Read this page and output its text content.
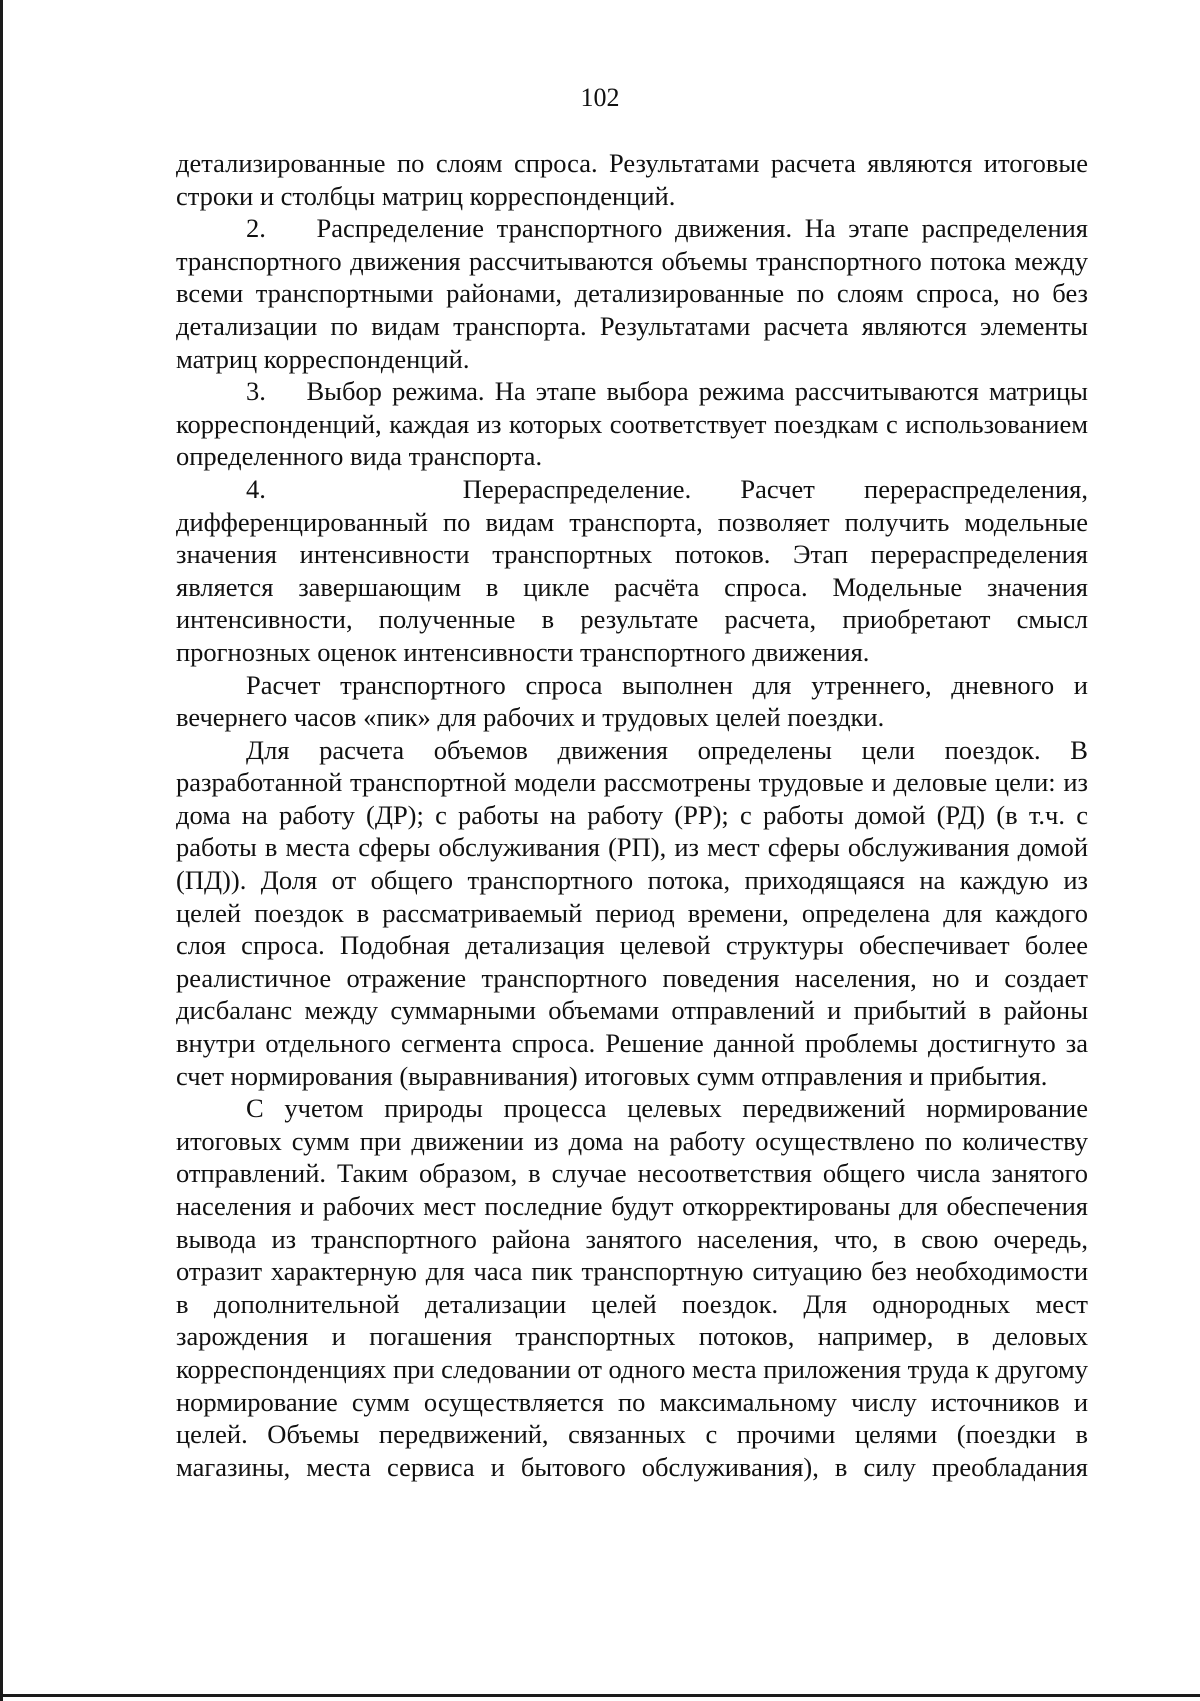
102

детализированные по слоям спроса. Результатами расчета являются итоговые строки и столбцы матриц корреспонденций.

2.    Распределение транспортного движения. На этапе распределения транспортного движения рассчитываются объемы транспортного потока между всеми транспортными районами, детализированные по слоям спроса, но без детализации по видам транспорта. Результатами расчета являются элементы матриц корреспонденций.

3.    Выбор режима. На этапе выбора режима рассчитываются матрицы корреспонденций, каждая из которых соответствует поездкам с использованием определенного вида транспорта.

4.    Перераспределение. Расчет перераспределения, дифференцированный по видам транспорта, позволяет получить модельные значения интенсивности транспортных потоков. Этап перераспределения является завершающим в цикле расчёта спроса. Модельные значения интенсивности, полученные в результате расчета, приобретают смысл прогнозных оценок интенсивности транспортного движения.

Расчет транспортного спроса выполнен для утреннего, дневного и вечернего часов «пик» для рабочих и трудовых целей поездки.

Для расчета объемов движения определены цели поездок. В разработанной транспортной модели рассмотрены трудовые и деловые цели: из дома на работу (ДР); с работы на работу (РР); с работы домой (РД) (в т.ч. с работы в места сферы обслуживания (РП), из мест сферы обслуживания домой (ПД)). Доля от общего транспортного потока, приходящаяся на каждую из целей поездок в рассматриваемый период времени, определена для каждого слоя спроса. Подобная детализация целевой структуры обеспечивает более реалистичное отражение транспортного поведения населения, но и создает дисбаланс между суммарными объемами отправлений и прибытий в районы внутри отдельного сегмента спроса. Решение данной проблемы достигнуто за счет нормирования (выравнивания) итоговых сумм отправления и прибытия.

С учетом природы процесса целевых передвижений нормирование итоговых сумм при движении из дома на работу осуществлено по количеству отправлений. Таким образом, в случае несоответствия общего числа занятого населения и рабочих мест последние будут откорректированы для обеспечения вывода из транспортного района занятого населения, что, в свою очередь, отразит характерную для часа пик транспортную ситуацию без необходимости в дополнительной детализации целей поездок. Для однородных мест зарождения и погашения транспортных потоков, например, в деловых корреспонденциях при следовании от одного места приложения труда к другому нормирование сумм осуществляется по максимальному числу источников и целей. Объемы передвижений, связанных с прочими целями (поездки в магазины, места сервиса и бытового обслуживания), в силу преобладания
